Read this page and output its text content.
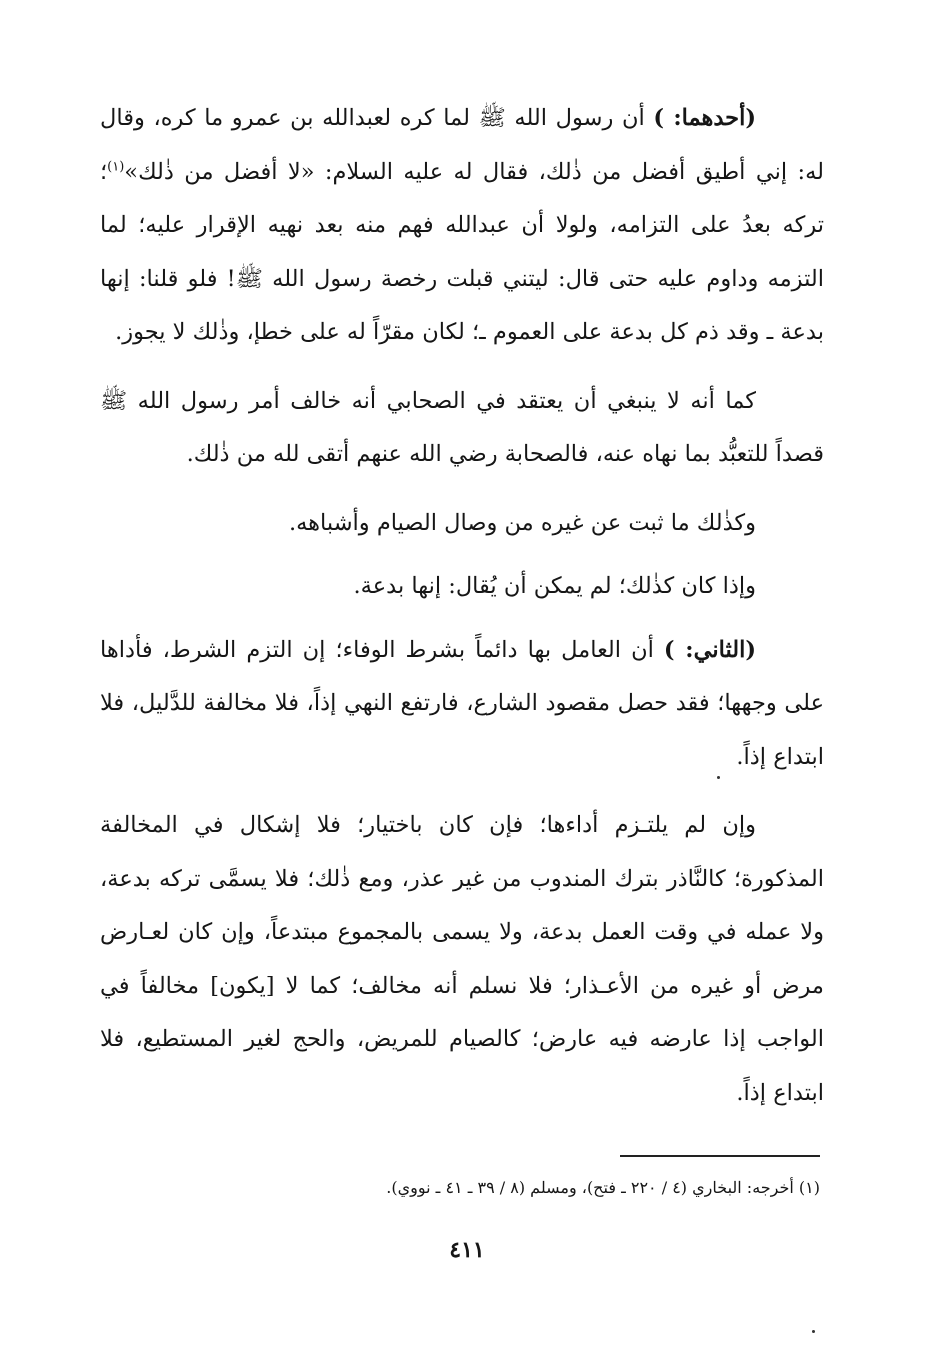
(أحدهما: ) أن رسول الله ﷺ لما كره لعبدالله بن عمرو ما كره، وقال له: إني أطيق أفضل من ذٰلك، فقال له عليه السلام: «لا أفضل من ذٰلك»$^{(١)}$؛ تركه بعدُ على التزامه، ولولا أن عبدالله فهم منه بعد نهيه الإقرار عليه؛ لما التزمه وداوم عليه حتى قال: ليتني قبلت رخصة رسول الله ﷺ! فلو قلنا: إنها بدعة ـ وقد ذم كل بدعة على العموم ـ؛ لكان مقرّاً له على خطإ، وذٰلك لا يجوز.

كما أنه لا ينبغي أن يعتقد في الصحابي أنه خالف أمر رسول الله ﷺ قصداً للتعبُّد بما نهاه عنه، فالصحابة رضي الله عنهم أتقى لله من ذٰلك.

وكذٰلك ما ثبت عن غيره من وصال الصيام وأشباهه.

وإذا كان كذٰلك؛ لم يمكن أن يُقال: إنها بدعة.

(الثاني: ) أن العامل بها دائماً بشرط الوفاء؛ إن التزم الشرط، فأداها على وجهها؛ فقد حصل مقصود الشارع، فارتفع النهي إذاً، فلا مخالفة للدَّليل، فلا ابتداع إذاً.

وإن لم يلتـزم أداءها؛ فإن كان باختيار؛ فلا إشكال في المخالفة المذكورة؛ كالنَّاذر بترك المندوب من غير عذر، ومع ذٰلك؛ فلا يسمَّى تركه بدعة، ولا عمله في وقت العمل بدعة، ولا يسمى بالمجموع مبتدعاً، وإن كان لعـارض مرض أو غيره من الأعـذار؛ فلا نسلم أنه مخالف؛ كما لا [يكون] مخالفاً في الواجب إذا عارضه فيه عارض؛ كالصيام للمريض، والحج لغير المستطيع، فلا ابتداع إذاً.

(١) أخرجه: البخاري (٤ / ٢٢٠ ـ فتح)، ومسلم (٨ / ٣٩ ـ ٤١ ـ نووي).
٤١١
